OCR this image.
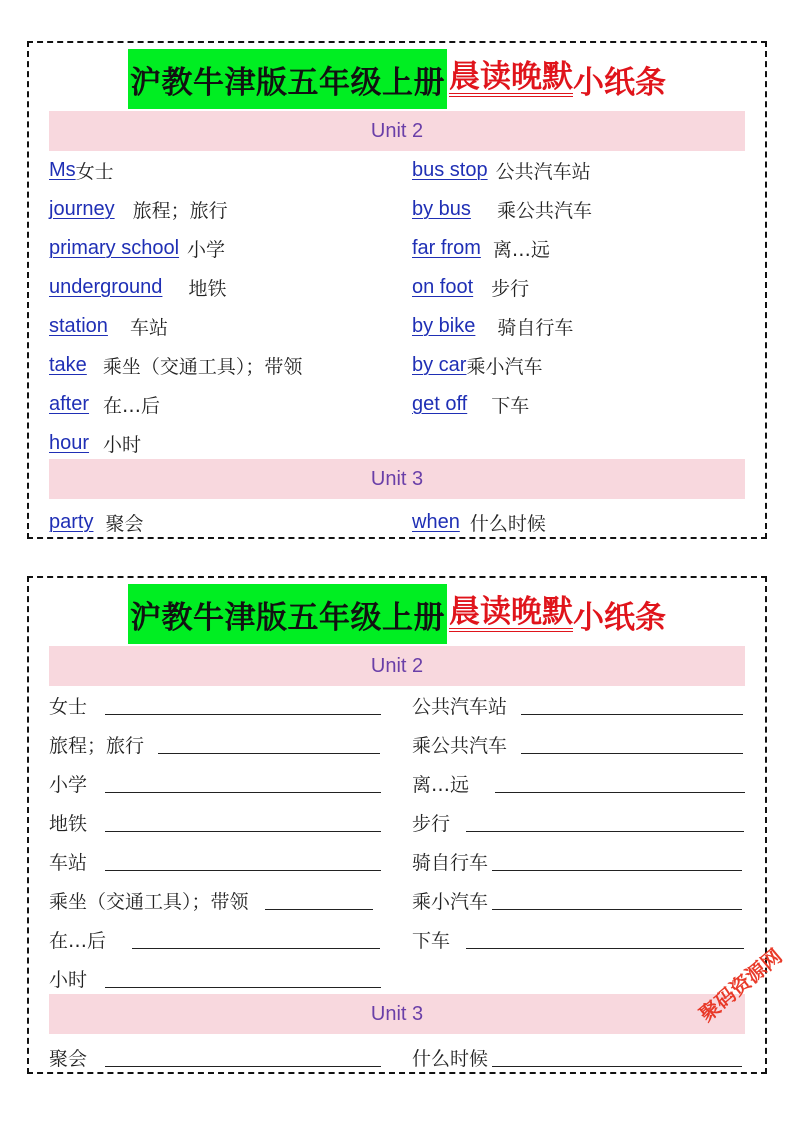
沪教牛津版五年级上册 晨读晚默 小纸条
Unit 2
Ms 女士
journey 旅程；旅行
primary school 小学
underground 地铁
station 车站
take 乘坐（交通工具）；带领
after 在…后
hour 小时
bus stop 公共汽车站
by bus 乘公共汽车
far from 离…远
on foot 步行
by bike 骑自行车
by car 乘小汽车
get off 下车
Unit 3
party 聚会	when 什么时候
沪教牛津版五年级上册 晨读晚默 小纸条
Unit 2
女士
旅程；旅行
小学
地铁
车站
乘坐（交通工具）；带领
在…后
小时
公共汽车站
乘公共汽车
离…远
步行
骑自行车
乘小汽车
下车
Unit 3
聚会	什么时候
聚码资源网
